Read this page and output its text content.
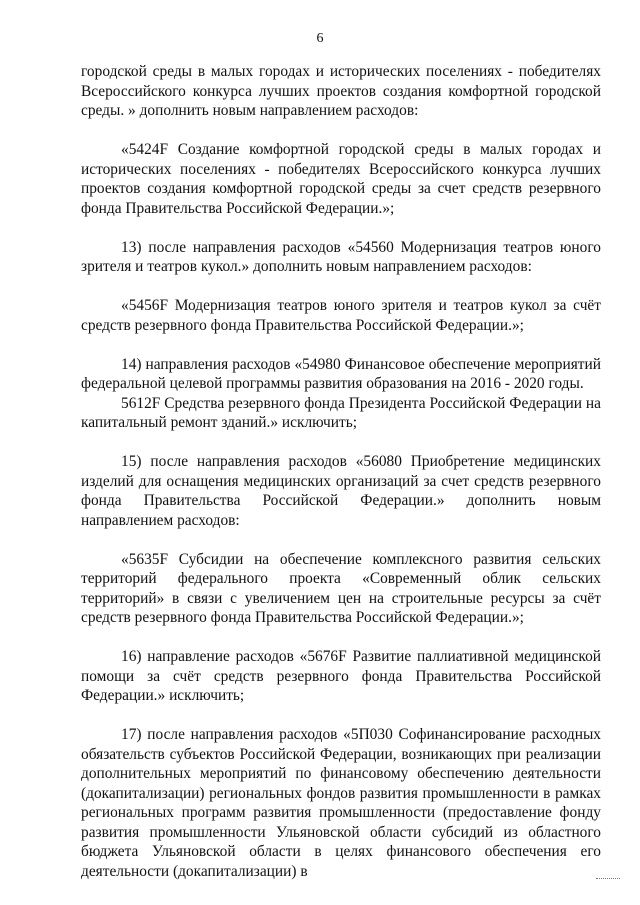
6

городской среды в малых городах и исторических поселениях - победителях Всероссийского конкурса лучших проектов создания комфортной городской среды. » дополнить новым направлением расходов:

«5424F Создание комфортной городской среды в малых городах и исторических поселениях - победителях Всероссийского конкурса лучших проектов создания комфортной городской среды за счет средств резервного фонда Правительства Российской Федерации.»;

13) после направления расходов «54560 Модернизация театров юного зрителя и театров кукол.» дополнить новым направлением расходов:

«5456F Модернизация театров юного зрителя и театров кукол за счёт средств резервного фонда Правительства Российской Федерации.»;

14) направления расходов «54980 Финансовое обеспечение мероприятий федеральной целевой программы развития образования на 2016 - 2020 годы.

5612F Средства резервного фонда Президента Российской Федерации на капитальный ремонт зданий.» исключить;

15) после направления расходов «56080 Приобретение медицинских изделий для оснащения медицинских организаций за счет средств резервного фонда Правительства Российской Федерации.» дополнить новым направлением расходов:

«5635F Субсидии на обеспечение комплексного развития сельских территорий федерального проекта «Современный облик сельских территорий» в связи с увеличением цен на строительные ресурсы за счёт средств резервного фонда Правительства Российской Федерации.»;

16) направление расходов «5676F Развитие паллиативной медицинской помощи за счёт средств резервного фонда Правительства Российской Федерации.» исключить;

17) после направления расходов «5П030 Софинансирование расходных обязательств субъектов Российской Федерации, возникающих при реализации дополнительных мероприятий по финансовому обеспечению деятельности (докапитализации) региональных фондов развития промышленности в рамках региональных программ развития промышленности (предоставление фонду развития промышленности Ульяновской области субсидий из областного бюджета Ульяновской области в целях финансового обеспечения его деятельности (докапитализации) в
